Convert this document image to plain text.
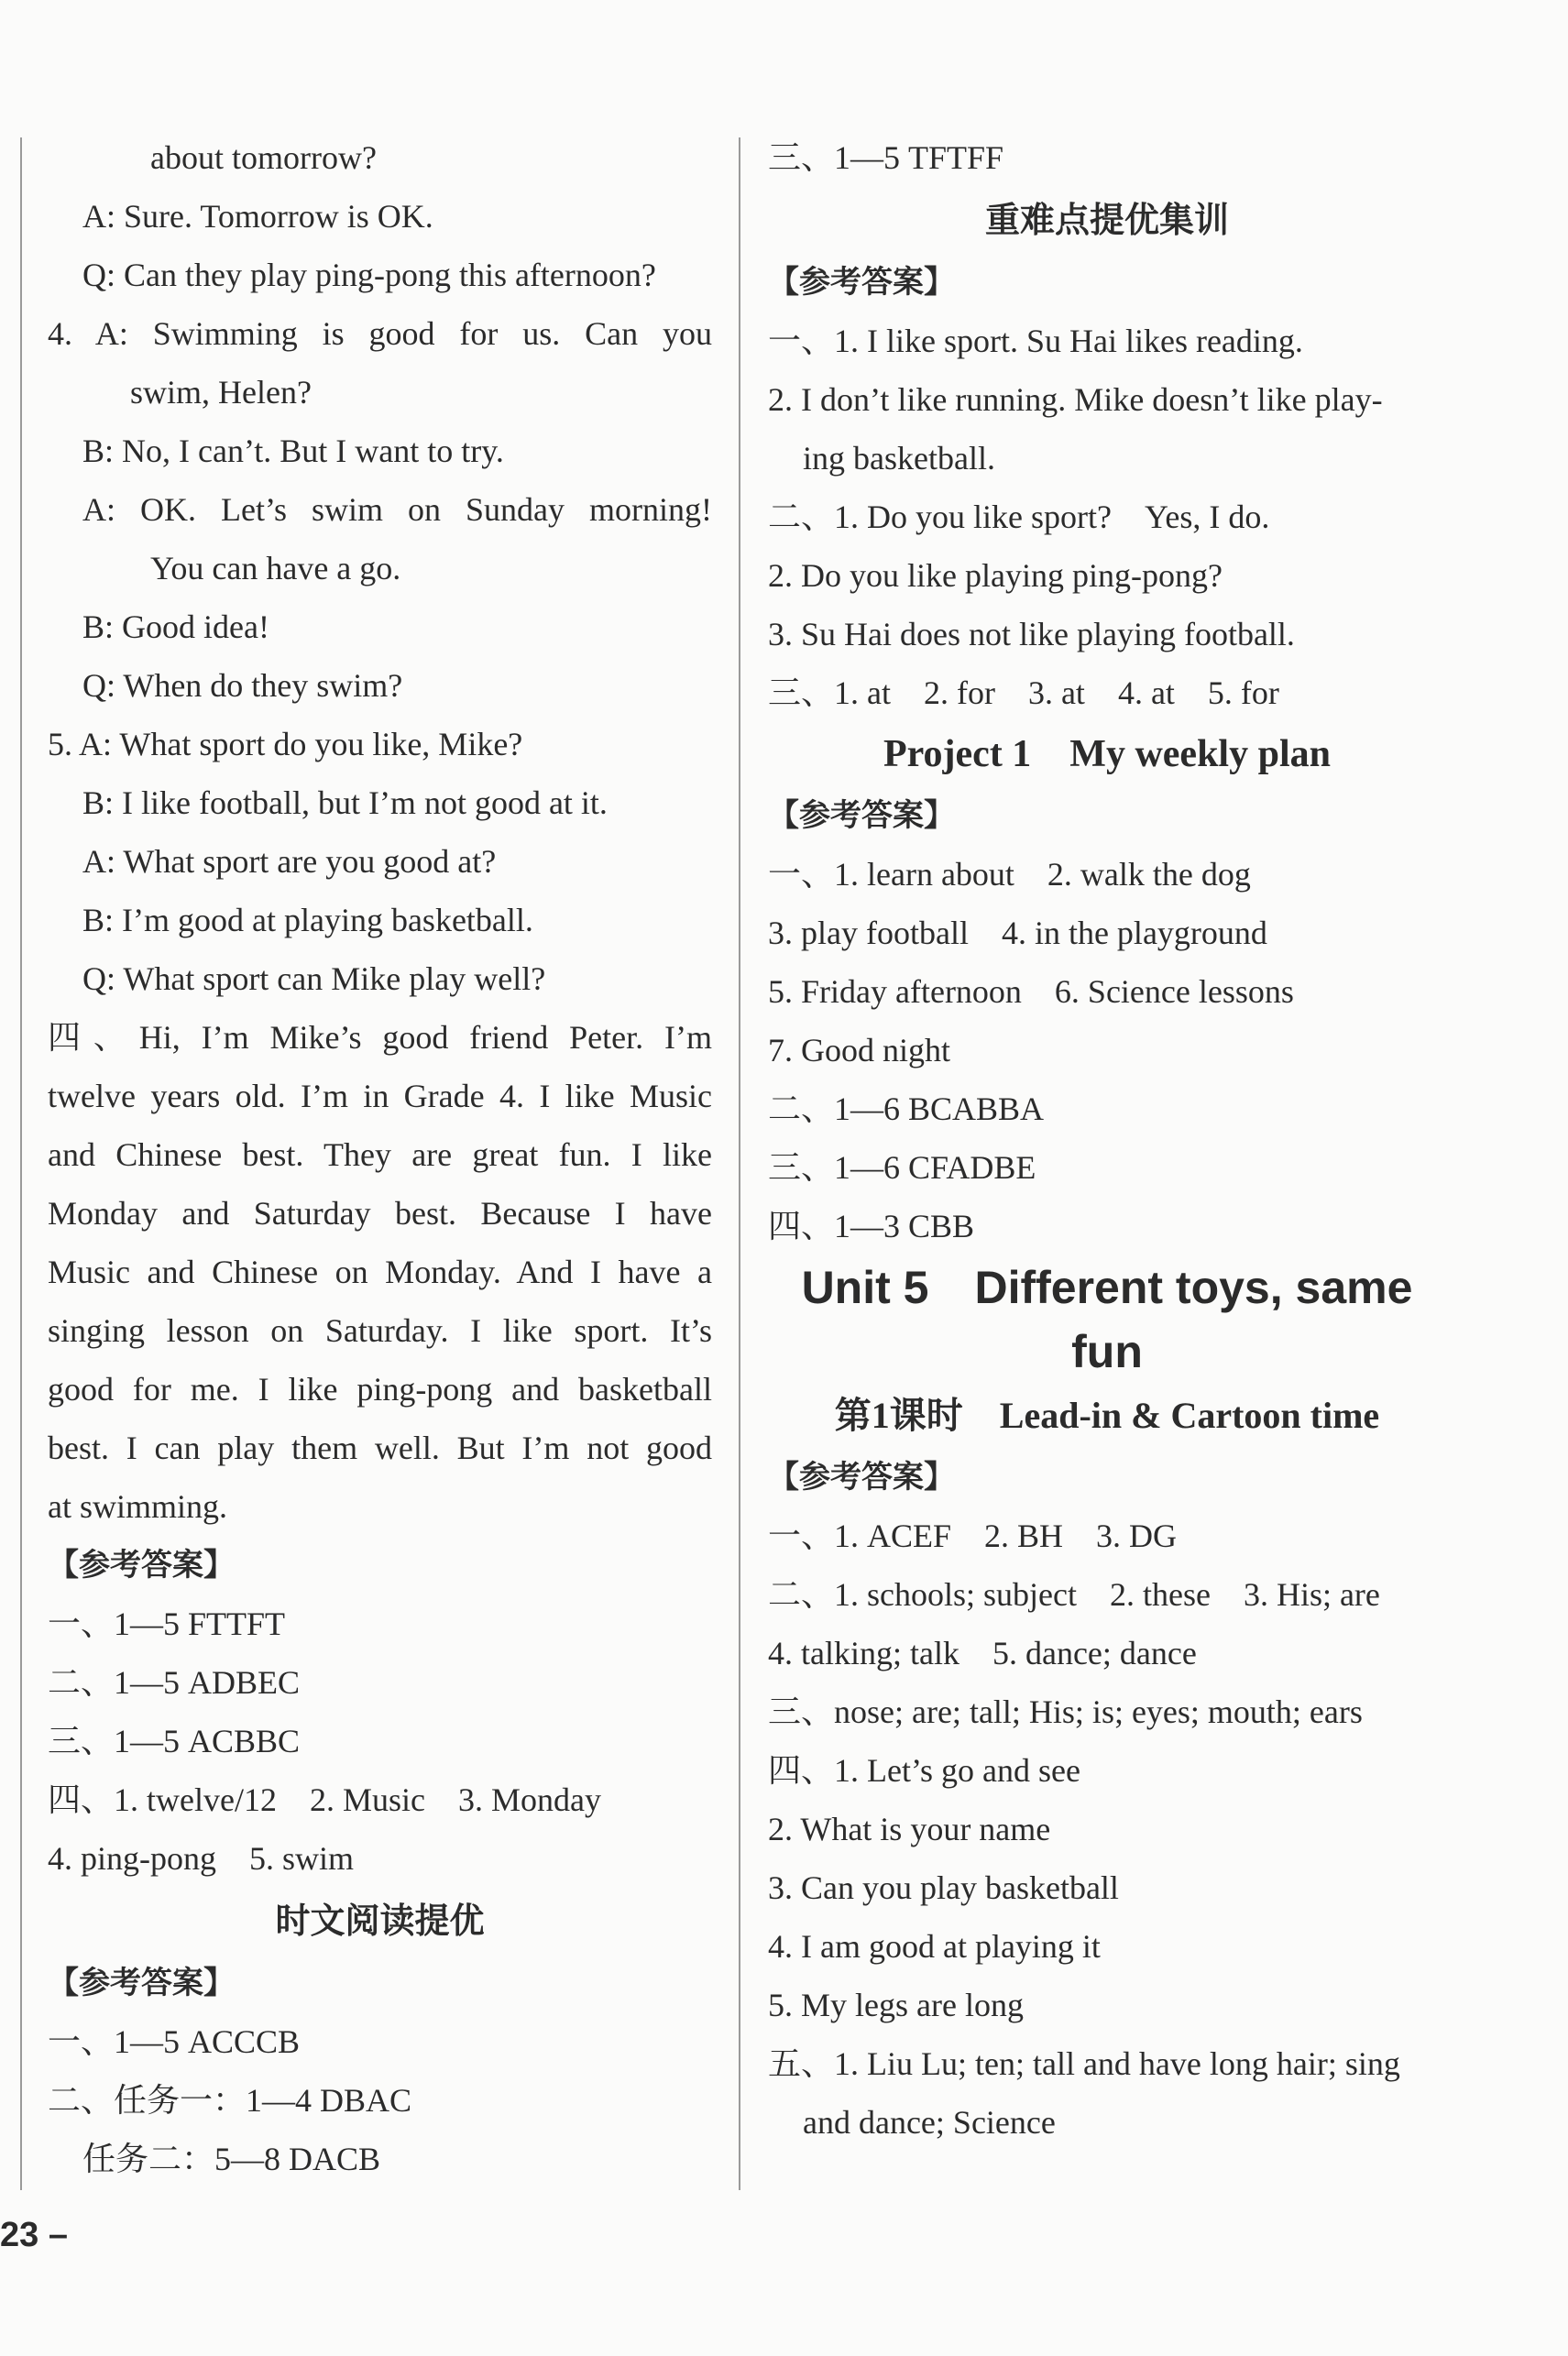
about tomorrow?
A: Sure. Tomorrow is OK.
Q: Can they play ping-pong this afternoon?
4. A: Swimming is good for us. Can you
swim, Helen?
B: No, I can’t. But I want to try.
A: OK. Let’s swim on Sunday morning!
You can have a go.
B: Good idea!
Q: When do they swim?
5. A: What sport do you like, Mike?
B: I like football, but I’m not good at it.
A: What sport are you good at?
B: I’m good at playing basketball.
Q: What sport can Mike play well?
四、Hi, I’m Mike’s good friend Peter. I’m
twelve years old. I’m in Grade 4. I like Music
and Chinese best. They are great fun. I like
Monday and Saturday best. Because I have
Music and Chinese on Monday. And I have a
singing lesson on Saturday. I like sport. It’s
good for me. I like ping-pong and basketball
best. I can play them well. But I’m not good
at swimming.
【参考答案】
一、1—5 FTTFT
二、1—5 ADBEC
三、1—5 ACBBC
四、1. twelve/12　2. Music　3. Monday
4. ping-pong　5. swim
时文阅读提优
【参考答案】
一、1—5 ACCCB
二、任务一：1—4 DBAC
任务二：5—8 DACB
三、1—5 TFTFF
重难点提优集训
【参考答案】
一、1. I like sport. Su Hai likes reading.
2. I don’t like running. Mike doesn’t like play-
ing basketball.
二、1. Do you like sport?　Yes, I do.
2. Do you like playing ping-pong?
3. Su Hai does not like playing football.
三、1. at　2. for　3. at　4. at　5. for
Project 1　My weekly plan
【参考答案】
一、1. learn about　2. walk the dog
3. play football　4. in the playground
5. Friday afternoon　6. Science lessons
7. Good night
二、1—6 BCABBA
三、1—6 CFADBE
四、1—3 CBB
Unit 5　Different toys, same
fun
第1课时　Lead-in & Cartoon time
【参考答案】
一、1. ACEF　2. BH　3. DG
二、1. schools; subject　2. these　3. His; are
4. talking; talk　5. dance; dance
三、nose; are; tall; His; is; eyes; mouth; ears
四、1. Let’s go and see
2. What is your name
3. Can you play basketball
4. I am good at playing it
5. My legs are long
五、1. Liu Lu; ten; tall and have long hair; sing
and dance; Science
23 –
